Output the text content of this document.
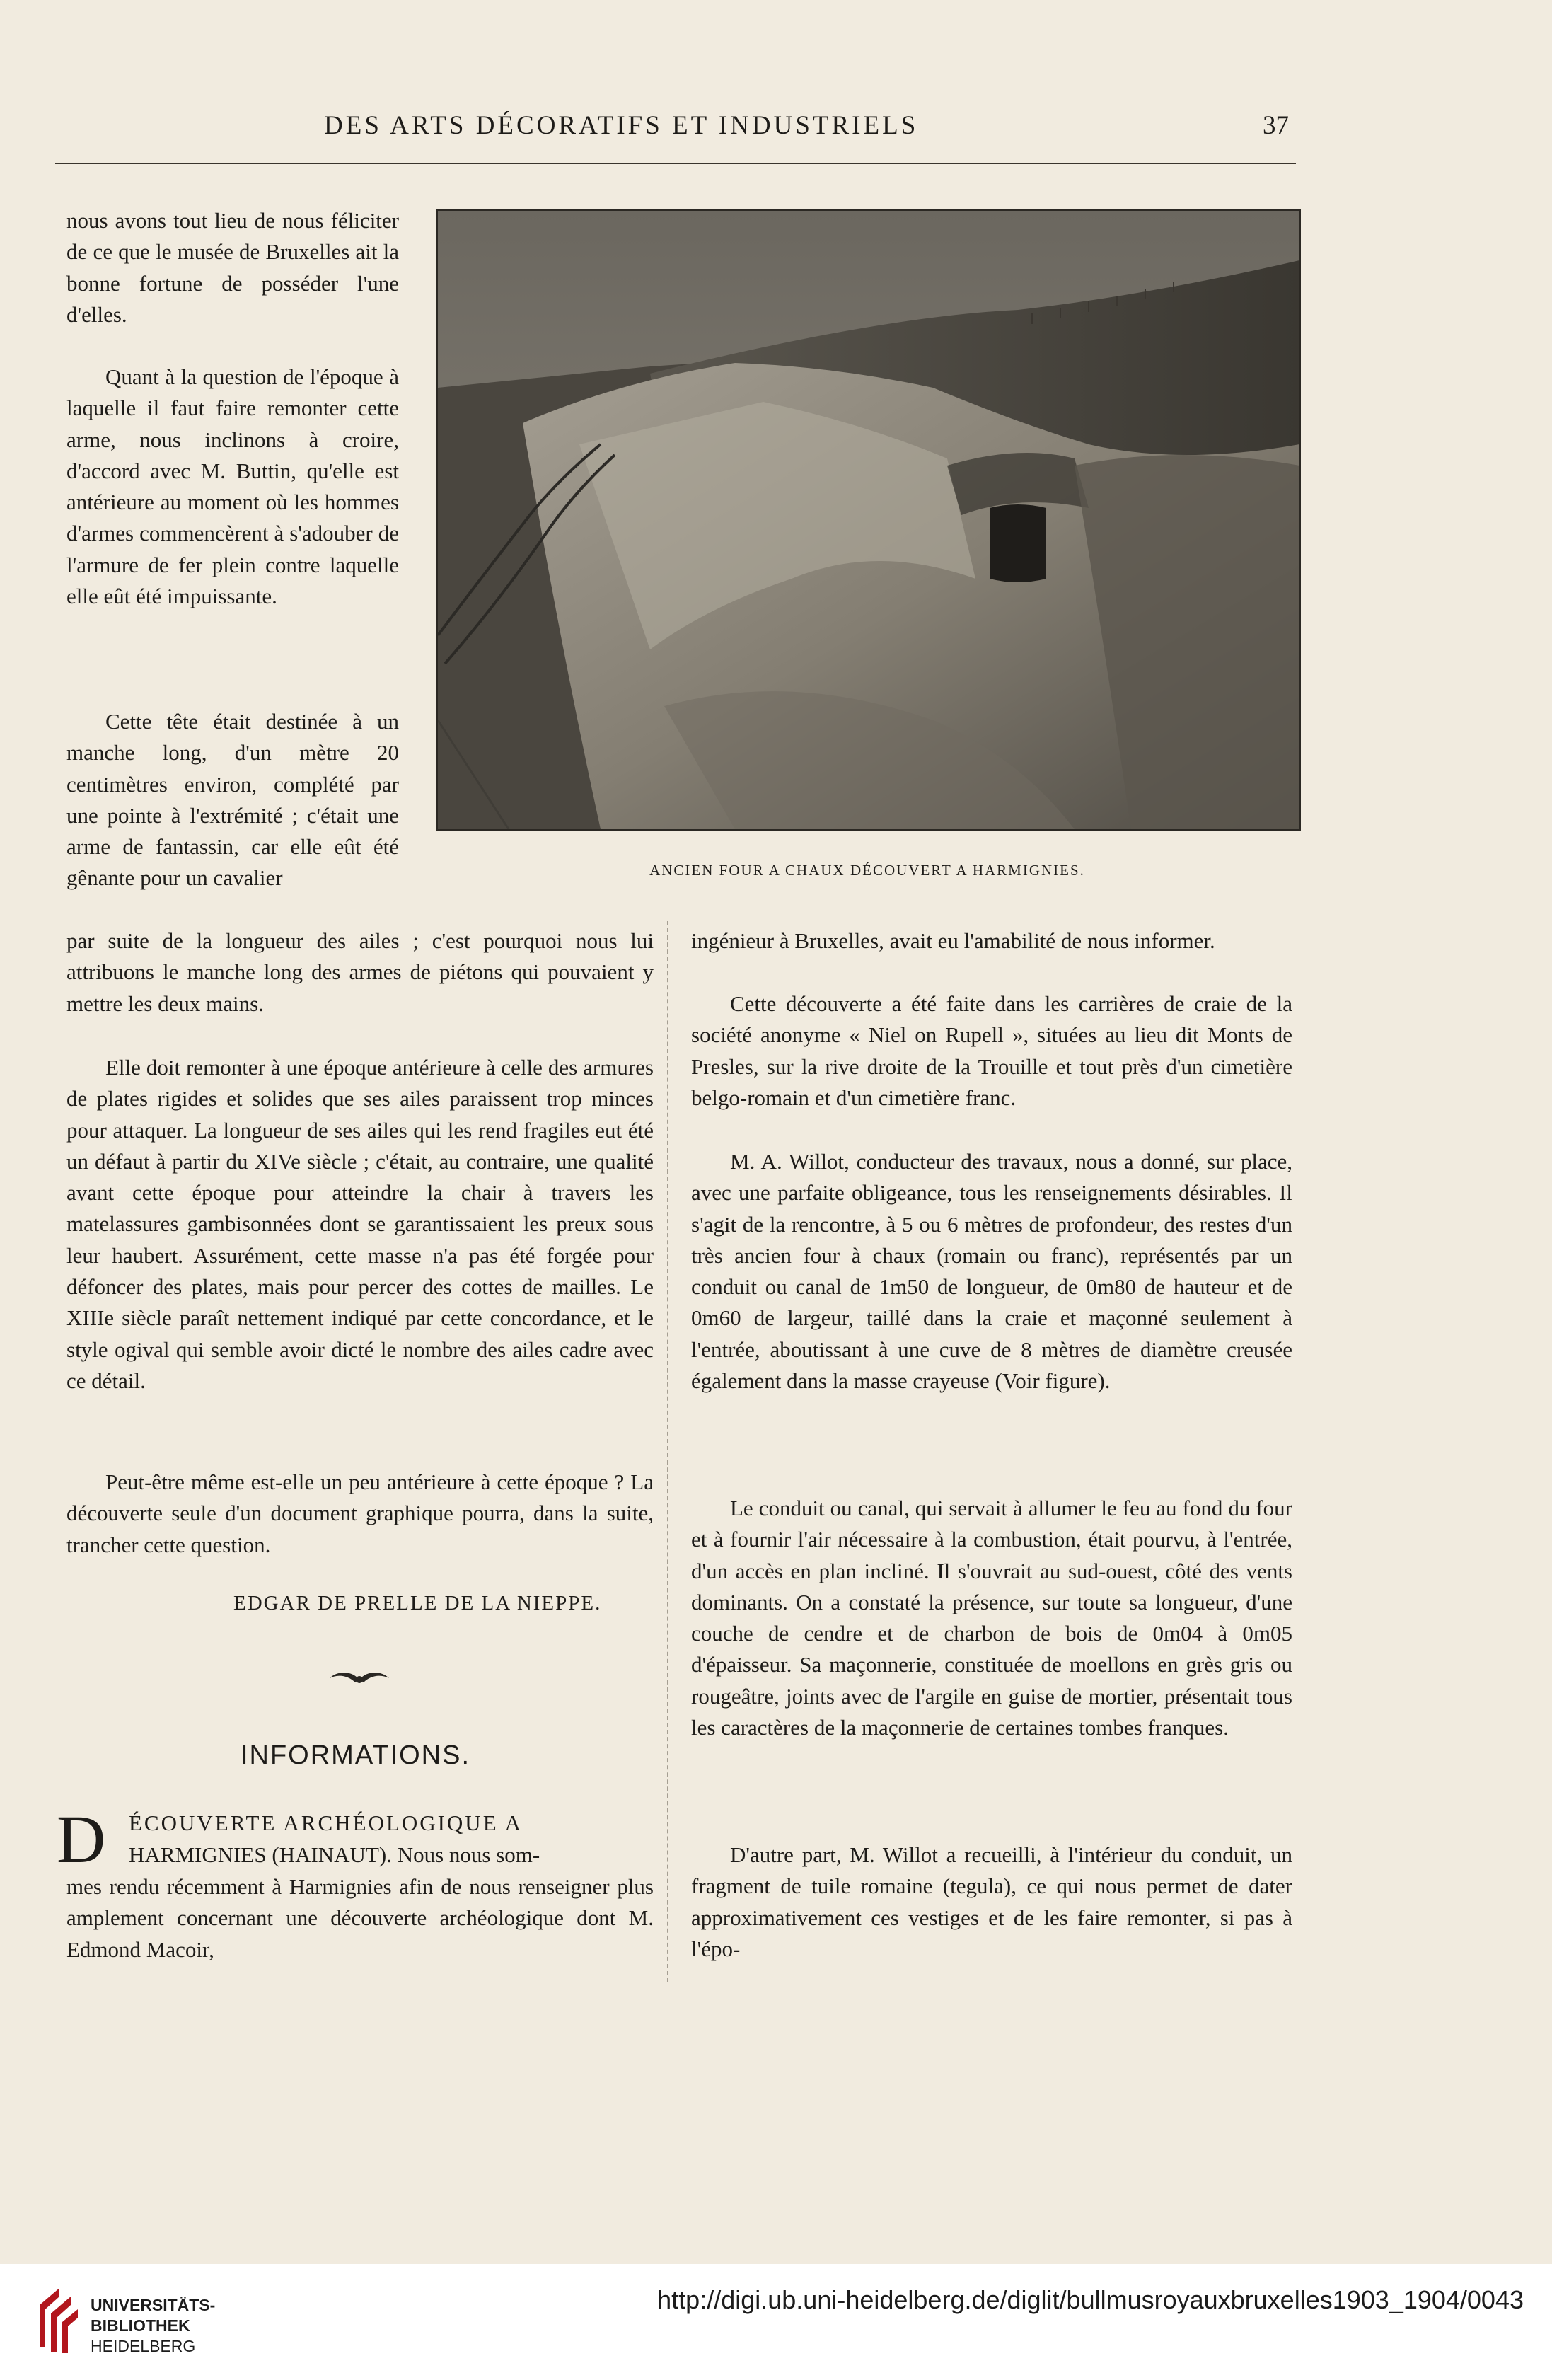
DES ARTS DÉCORATIFS ET INDUSTRIELS	37
ANCIEN FOUR A CHAUX DÉCOUVERT A HARMIGNIES.

nous avons tout lieu de nous féliciter de ce que le musée de Bruxelles ait la bonne fortune de posséder l'une d'elles.

Quant à la question de l'époque à laquelle il faut faire remonter cette arme, nous inclinons à croire, d'accord avec M. Buttin, qu'elle est antérieure au moment où les hommes d'armes commencèrent à s'adouber de l'armure de fer plein contre laquelle elle eût été impuissante.

Cette tête était destinée à un manche long, d'un mètre 20 centimètres environ, complété par une pointe à l'extrémité ; c'était une arme de fantassin, car elle eût été gênante pour un cavalier

par suite de la longueur des ailes ; c'est pourquoi nous lui attribuons le manche long des armes de piétons qui pouvaient y mettre les deux mains.

Elle doit remonter à une époque antérieure à celle des armures de plates rigides et solides que ses ailes paraissent trop minces pour attaquer. La longueur de ses ailes qui les rend fragiles eut été un défaut à partir du XIVe siècle ; c'était, au contraire, une qualité avant cette époque pour atteindre la chair à travers les matelassures gambisonnées dont se garantissaient les preux sous leur haubert. Assurément, cette masse n'a pas été forgée pour défoncer des plates, mais pour percer des cottes de mailles. Le XIIIe siècle paraît nettement indiqué par cette concordance, et le style ogival qui semble avoir dicté le nombre des ailes cadre avec ce détail.

Peut-être même est-elle un peu antérieure à cette époque ? La découverte seule d'un document graphique pourra, dans la suite, trancher cette question.

EDGAR DE PRELLE DE LA NIEPPE.
INFORMATIONS.
D ÉCOUVERTE ARCHÉOLOGIQUE A
HARMIGNIES (HAINAUT). Nous nous som-

mes rendu récemment à Harmignies afin de nous renseigner plus amplement concernant une découverte archéologique dont M. Edmond Macoir,

ingénieur à Bruxelles, avait eu l'amabilité de nous informer.

Cette découverte a été faite dans les carrières de craie de la société anonyme « Niel on Rupell », situées au lieu dit Monts de Presles, sur la rive droite de la Trouille et tout près d'un cimetière belgo-romain et d'un cimetière franc.

M. A. Willot, conducteur des travaux, nous a donné, sur place, avec une parfaite obligeance, tous les renseignements désirables. Il s'agit de la rencontre, à 5 ou 6 mètres de profondeur, des restes d'un très ancien four à chaux (romain ou franc), représentés par un conduit ou canal de 1m50 de longueur, de 0m80 de hauteur et de 0m60 de largeur, taillé dans la craie et maçonné seulement à l'entrée, aboutissant à une cuve de 8 mètres de diamètre creusée également dans la masse crayeuse (Voir figure).

Le conduit ou canal, qui servait à allumer le feu au fond du four et à fournir l'air nécessaire à la combustion, était pourvu, à l'entrée, d'un accès en plan incliné. Il s'ouvrait au sud-ouest, côté des vents dominants. On a constaté la présence, sur toute sa longueur, d'une couche de cendre et de charbon de bois de 0m04 à 0m05 d'épaisseur. Sa maçonnerie, constituée de moellons en grès gris ou rougeâtre, joints avec de l'argile en guise de mortier, présentait tous les caractères de la maçonnerie de certaines tombes franques.

D'autre part, M. Willot a recueilli, à l'intérieur du conduit, un fragment de tuile romaine (tegula), ce qui nous permet de dater approximativement ces vestiges et de les faire remonter, si pas à l'épo-

UNIVERSITÄTS-
BIBLIOTHEK
HEIDELBERG
http://digi.ub.uni-heidelberg.de/diglit/bullmusroyauxbruxelles1903_1904/0043
